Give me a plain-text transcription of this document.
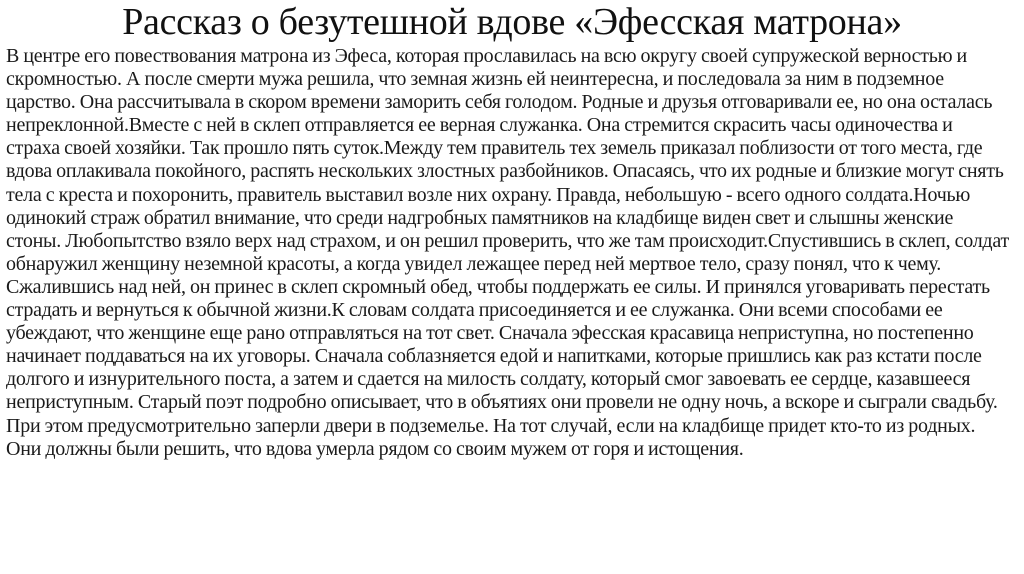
Рассказ о безутешной вдове «Эфесская матрона»

В центре его повествования матрона из Эфеса, которая прославилась на всю округу своей супружеской верностью и скромностью. А после смерти мужа решила, что земная жизнь ей неинтересна, и последовала за ним в подземное царство. Она рассчитывала в скором времени заморить себя голодом. Родные и друзья отговаривали ее, но она осталась непреклонной.Вместе с ней в склеп отправляется ее верная служанка. Она стремится скрасить часы одиночества и страха своей хозяйки. Так прошло пять суток.Между тем правитель тех земель приказал поблизости от того места, где вдова оплакивала покойного, распять нескольких злостных разбойников. Опасаясь, что их родные и близкие могут снять тела с креста и похоронить, правитель выставил возле них охрану. Правда, небольшую - всего одного солдата.Ночью одинокий страж обратил внимание, что среди надгробных памятников на кладбище виден свет и слышны женские стоны. Любопытство взяло верх над страхом, и он решил проверить, что же там происходит.Спустившись в склеп, солдат обнаружил женщину неземной красоты, а когда увидел лежащее перед ней мертвое тело, сразу понял, что к чему. Сжалившись над ней, он принес в склеп скромный обед, чтобы поддержать ее силы. И принялся уговаривать перестать страдать и вернуться к обычной жизни.К словам солдата присоединяется и ее служанка. Они всеми способами ее убеждают, что женщине еще рано отправляться на тот свет. Сначала эфесская красавица неприступна, но постепенно начинает поддаваться на их уговоры. Сначала соблазняется едой и напитками, которые пришлись как раз кстати после долгого и изнурительного поста, а затем и сдается на милость солдату, который смог завоевать ее сердце, казавшееся неприступным. Старый поэт подробно описывает, что в объятиях они провели не одну ночь, а вскоре и сыграли свадьбу. При этом предусмотрительно заперли двери в подземелье. На тот случай, если на кладбище придет кто-то из родных. Они должны были решить, что вдова умерла рядом со своим мужем от горя и истощения.
